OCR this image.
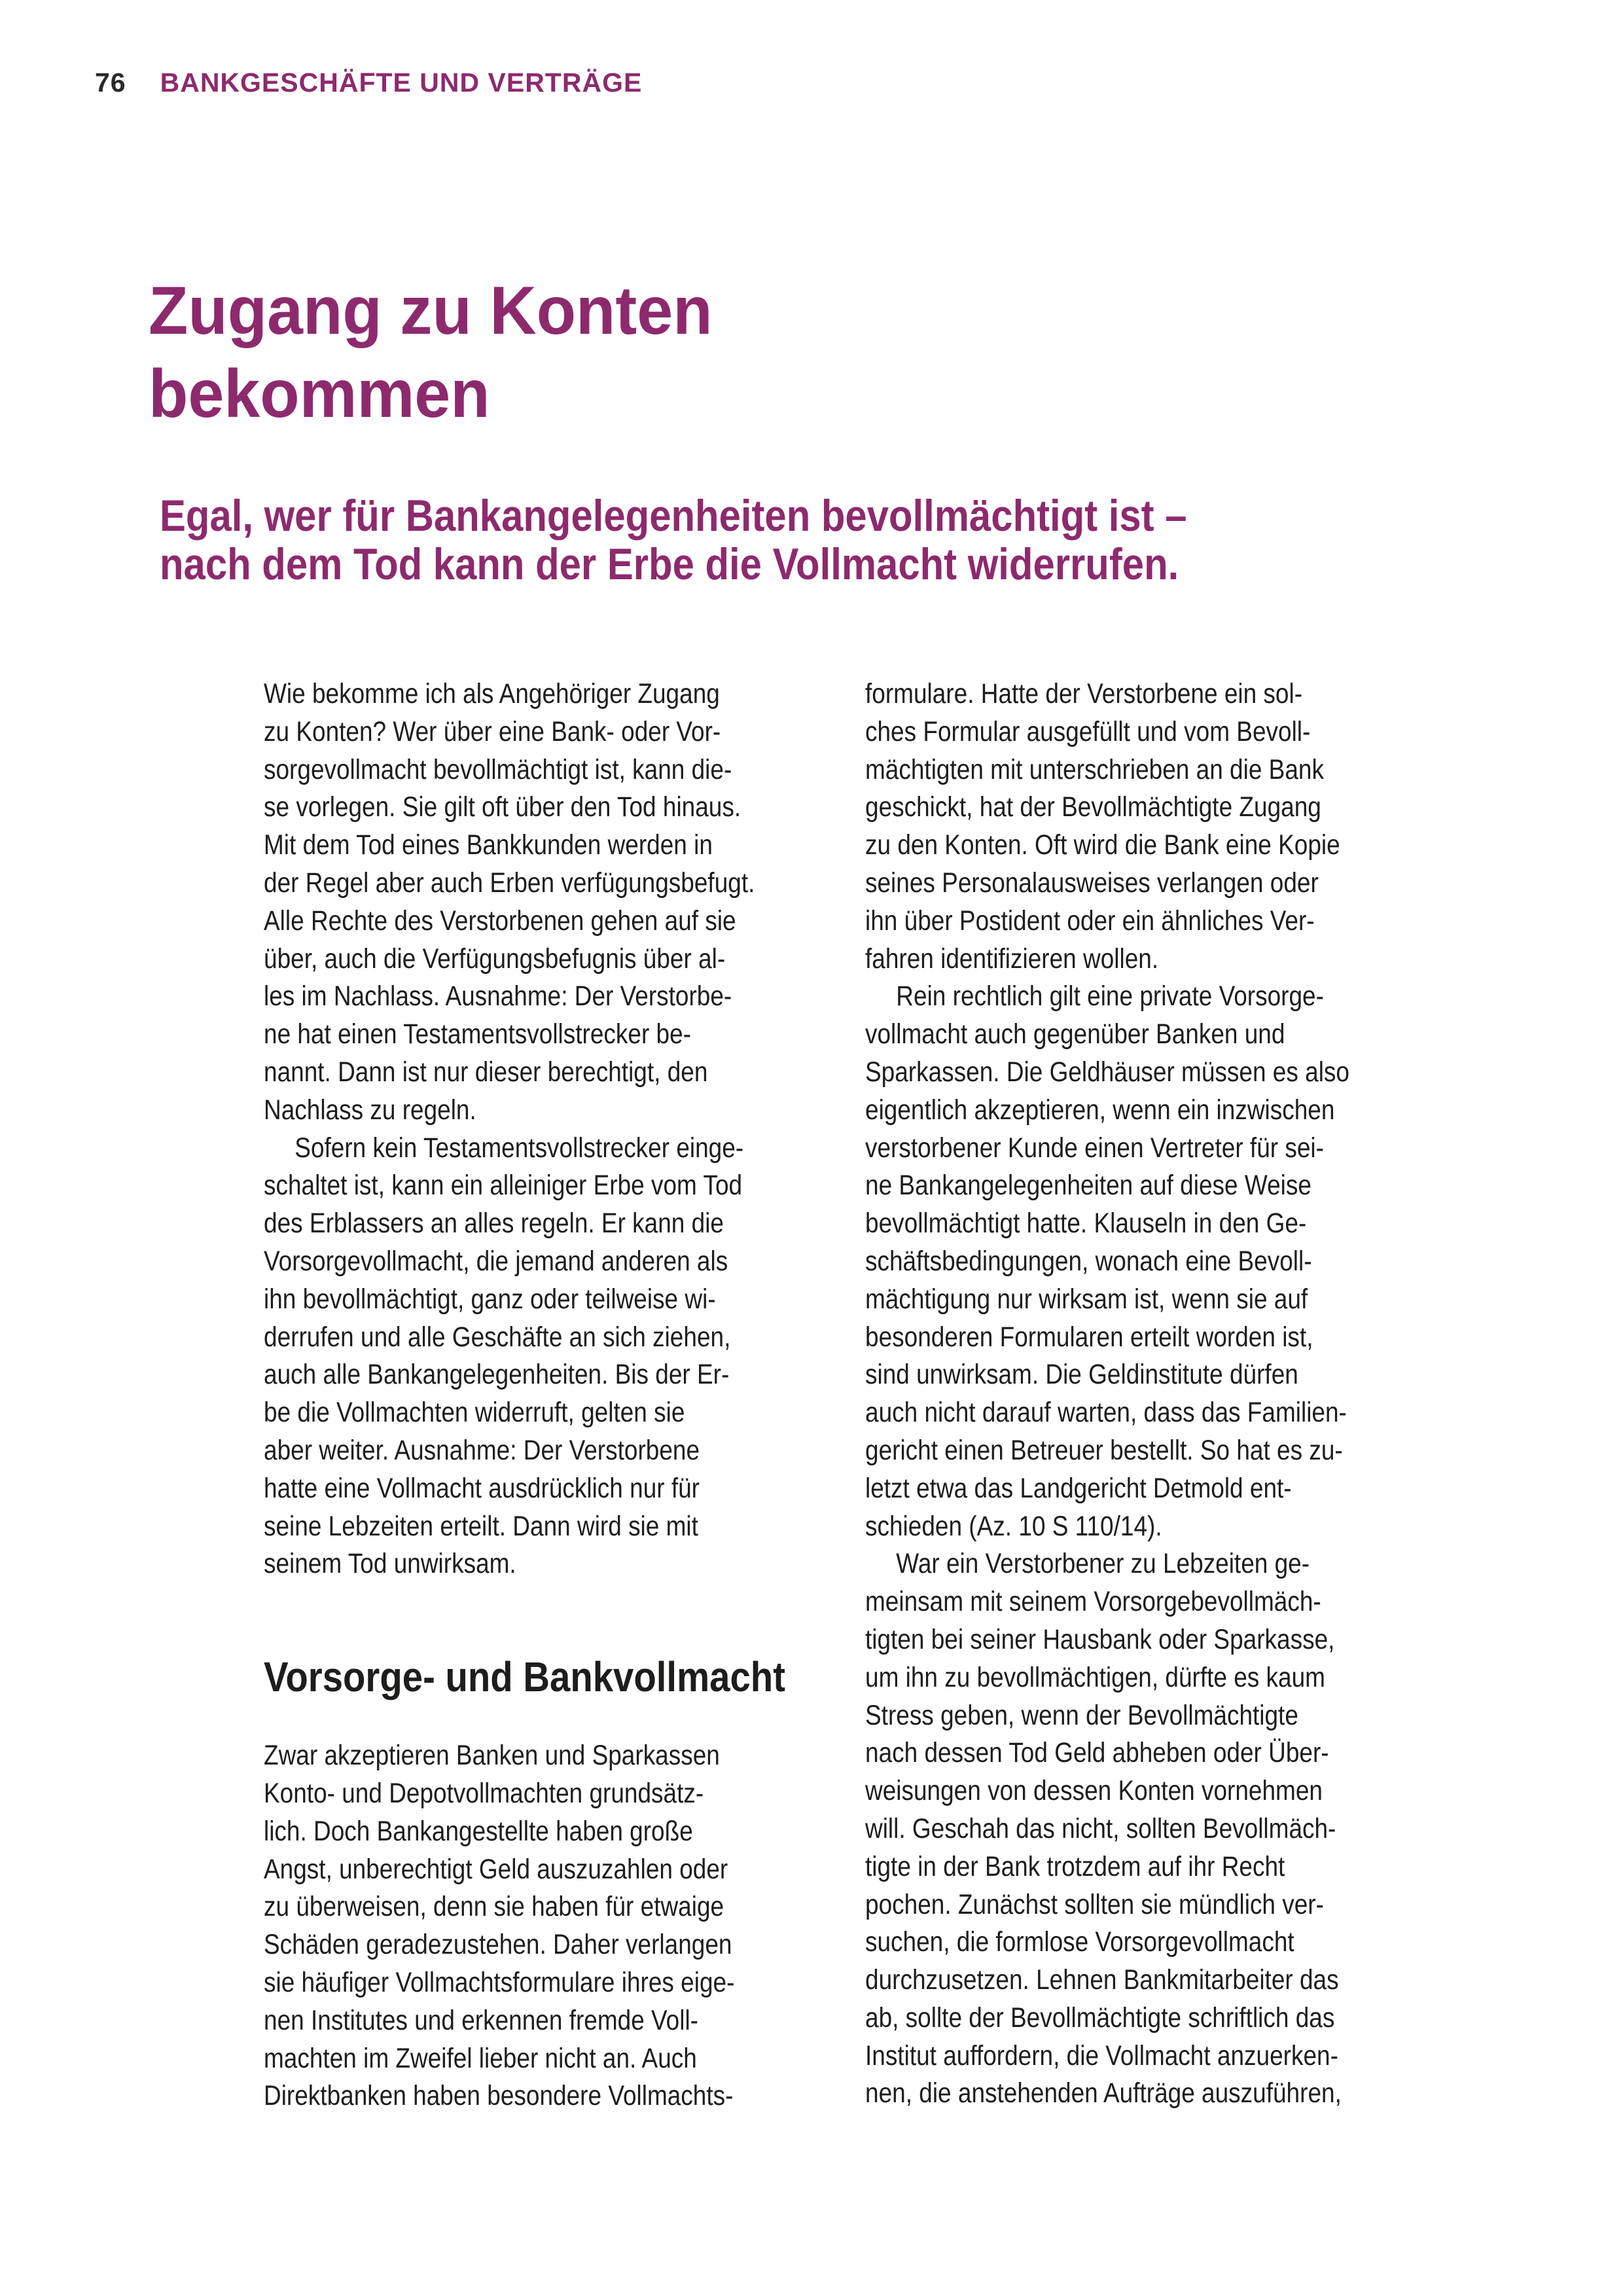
76 BANKGESCHÄFTE UND VERTRÄGE
Zugang zu Konten
bekommen
Egal, wer für Bankangelegenheiten bevollmächtigt ist –
nach dem Tod kann der Erbe die Vollmacht widerrufen.
Wie bekomme ich als Angehöriger Zugang
zu Konten? Wer über eine Bank- oder Vor-
sorgevollmacht bevollmächtigt ist, kann die-
se vorlegen. Sie gilt oft über den Tod hinaus.
Mit dem Tod eines Bankkunden werden in
der Regel aber auch Erben verfügungsbefugt.
Alle Rechte des Verstorbenen gehen auf sie
über, auch die Verfügungsbefugnis über al-
les im Nachlass. Ausnahme: Der Verstorbe-
ne hat einen Testamentsvollstrecker be-
nannt. Dann ist nur dieser berechtigt, den
Nachlass zu regeln.
Sofern kein Testamentsvollstrecker einge-
schaltet ist, kann ein alleiniger Erbe vom Tod
des Erblassers an alles regeln. Er kann die
Vorsorgevollmacht, die jemand anderen als
ihn bevollmächtigt, ganz oder teilweise wi-
derrufen und alle Geschäfte an sich ziehen,
auch alle Bankangelegenheiten. Bis der Er-
be die Vollmachten widerruft, gelten sie
aber weiter. Ausnahme: Der Verstorbene
hatte eine Vollmacht ausdrücklich nur für
seine Lebzeiten erteilt. Dann wird sie mit
seinem Tod unwirksam.
Vorsorge- und Bankvollmacht
Zwar akzeptieren Banken und Sparkassen
Konto- und Depotvollmachten grundsätz-
lich. Doch Bankangestellte haben große
Angst, unberechtigt Geld auszuzahlen oder
zu überweisen, denn sie haben für etwaige
Schäden geradezustehen. Daher verlangen
sie häufiger Vollmachtsformulare ihres eige-
nen Institutes und erkennen fremde Voll-
machten im Zweifel lieber nicht an. Auch
Direktbanken haben besondere Vollmachts-
formulare. Hatte der Verstorbene ein sol-
ches Formular ausgefüllt und vom Bevoll-
mächtigten mit unterschrieben an die Bank
geschickt, hat der Bevollmächtigte Zugang
zu den Konten. Oft wird die Bank eine Kopie
seines Personalausweises verlangen oder
ihn über Postident oder ein ähnliches Ver-
fahren identifizieren wollen.
Rein rechtlich gilt eine private Vorsorge-
vollmacht auch gegenüber Banken und
Sparkassen. Die Geldhäuser müssen es also
eigentlich akzeptieren, wenn ein inzwischen
verstorbener Kunde einen Vertreter für sei-
ne Bankangelegenheiten auf diese Weise
bevollmächtigt hatte. Klauseln in den Ge-
schäftsbedingungen, wonach eine Bevoll-
mächtigung nur wirksam ist, wenn sie auf
besonderen Formularen erteilt worden ist,
sind unwirksam. Die Geldinstitute dürfen
auch nicht darauf warten, dass das Familien-
gericht einen Betreuer bestellt. So hat es zu-
letzt etwa das Landgericht Detmold ent-
schieden (Az. 10 S 110/14).
War ein Verstorbener zu Lebzeiten ge-
meinsam mit seinem Vorsorgebevollmäch-
tigten bei seiner Hausbank oder Sparkasse,
um ihn zu bevollmächtigen, dürfte es kaum
Stress geben, wenn der Bevollmächtigte
nach dessen Tod Geld abheben oder Über-
weisungen von dessen Konten vornehmen
will. Geschah das nicht, sollten Bevollmäch-
tigte in der Bank trotzdem auf ihr Recht
pochen. Zunächst sollten sie mündlich ver-
suchen, die formlose Vorsorgevollmacht
durchzusetzen. Lehnen Bankmitarbeiter das
ab, sollte der Bevollmächtigte schriftlich das
Institut auffordern, die Vollmacht anzuerken-
nen, die anstehenden Aufträge auszuführen,
